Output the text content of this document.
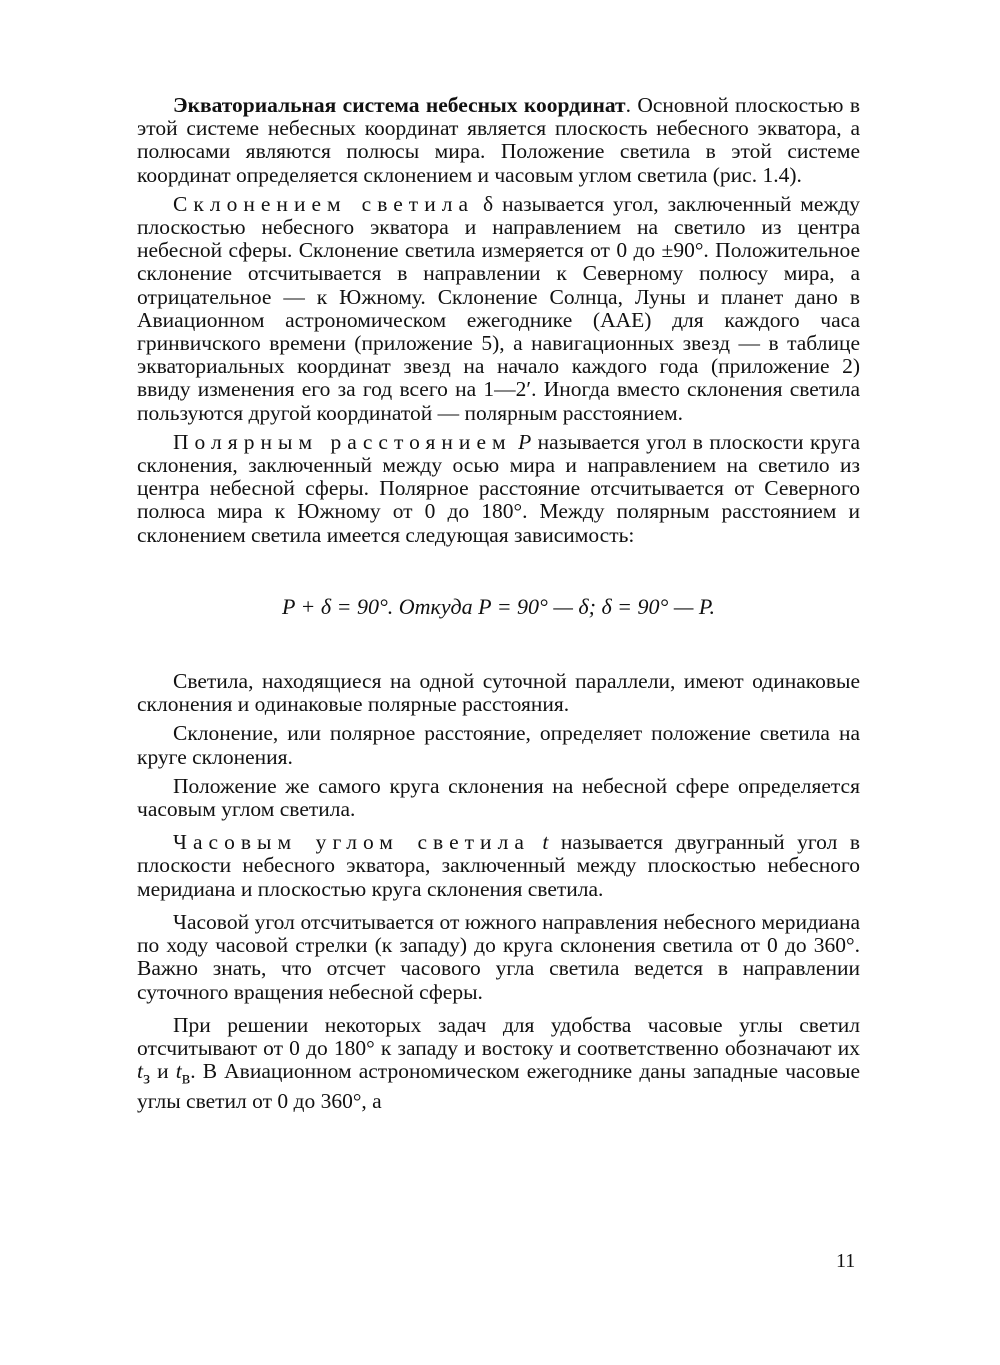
Экваториальная система небесных координат. Основной плоскостью в этой системе небесных координат является плоскость небесного экватора, а полюсами являются полюсы мира. Положение светила в этой системе координат определяется склонением и часовым углом светила (рис. 1.4).

Склонением светила δ называется угол, заключенный между плоскостью небесного экватора и направлением на светило из центра небесной сферы. Склонение светила измеряется от 0 до ±90°. Положительное склонение отсчитывается в направлении к Северному полюсу мира, а отрицательное — к Южному. Склонение Солнца, Луны и планет дано в Авиационном астрономическом ежегоднике (ААЕ) для каждого часа гринвичского времени (приложение 5), а навигационных звезд — в таблице экваториальных координат звезд на начало каждого года (приложение 2) ввиду изменения его за год всего на 1—2′. Иногда вместо склонения светила пользуются другой координатой — полярным расстоянием.

Полярным расстоянием P называется угол в плоскости круга склонения, заключенный между осью мира и направлением на светило из центра небесной сферы. Полярное расстояние отсчитывается от Северного полюса мира к Южному от 0 до 180°. Между полярным расстоянием и склонением светила имеется следующая зависимость:

P + δ = 90°. Откуда P = 90° — δ; δ = 90° — P.

Светила, находящиеся на одной суточной параллели, имеют одинаковые склонения и одинаковые полярные расстояния.

Склонение, или полярное расстояние, определяет положение светила на круге склонения.

Положение же самого круга склонения на небесной сфере определяется часовым углом светила.

Часовым углом светила t называется двугранный угол в плоскости небесного экватора, заключенный между плоскостью небесного меридиана и плоскостью круга склонения светила.

Часовой угол отсчитывается от южного направления небесного меридиана по ходу часовой стрелки (к западу) до круга склонения светила от 0 до 360°. Важно знать, что отсчет часового угла светила ведется в направлении суточного вращения небесной сферы.

При решении некоторых задач для удобства часовые углы светил отсчитывают от 0 до 180° к западу и востоку и соответственно обозначают их $t_з$ и $t_в$. В Авиационном астрономическом ежегоднике даны западные часовые углы светил от 0 до 360°, а

11
